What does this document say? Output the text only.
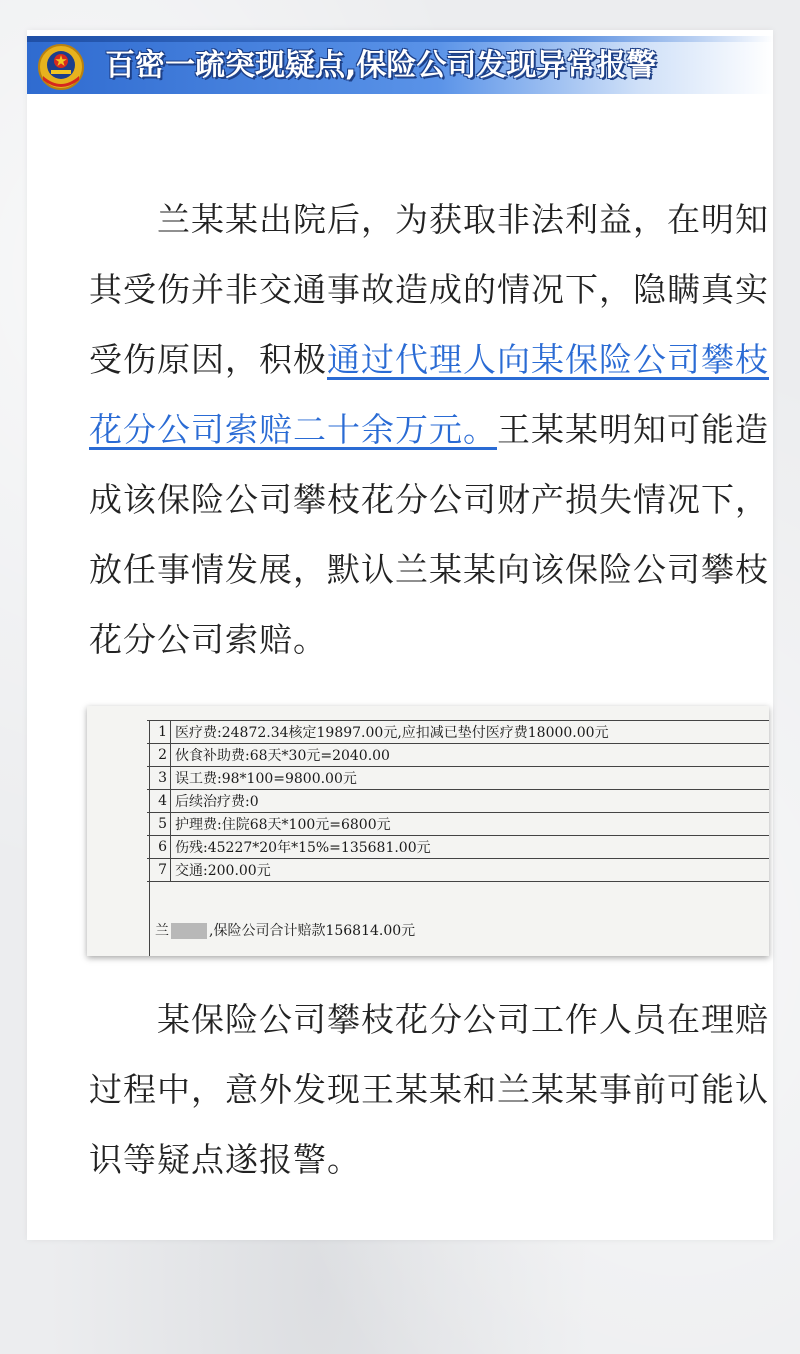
百密一疏突现疑点,保险公司发现异常报警

兰某某出院后，为获取非法利益，在明知其受伤并非交通事故造成的情况下，隐瞒真实受伤原因，积极通过代理人向某保险公司攀枝花分公司索赔二十余万元。王某某明知可能造成该保险公司攀枝花分公司财产损失情况下，放任事情发展，默认兰某某向该保险公司攀枝花分公司索赔。

1	医疗费:24872.34核定19897.00元,应扣减已垫付医疗费18000.00元
2	伙食补助费:68天*30元=2040.00
3	误工费:98*100=9800.00元
4	后续治疗费:0
5	护理费:住院68天*100元=6800元
6	伤残:45227*20年*15%=135681.00元
7	交通:200.00元
兰	,保险公司合计赔款156814.00元

某保险公司攀枝花分公司工作人员在理赔过程中，意外发现王某某和兰某某事前可能认识等疑点遂报警。
